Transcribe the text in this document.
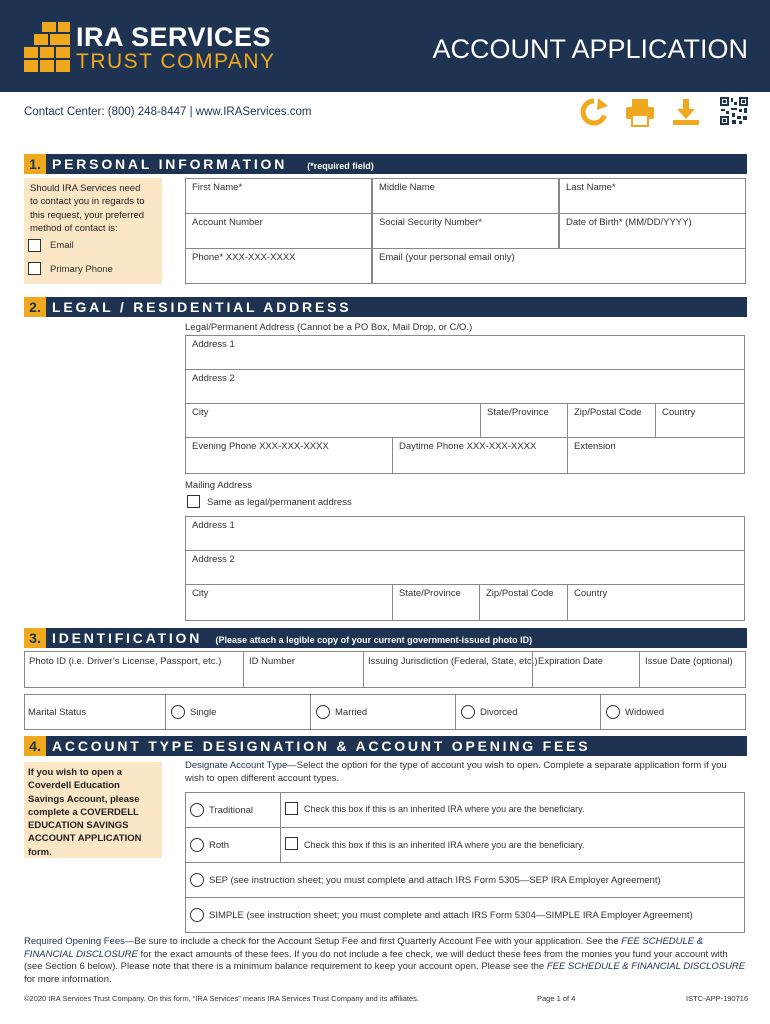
IRA SERVICES
TRUST COMPANY	ACCOUNT APPLICATION
Contact Center: (800) 248-8447 | www.IRAServices.com
1. PERSONAL INFORMATION (*required field)
Should IRA Services need to contact you in regards to this request, your preferred method of contact is:
Email
Primary Phone
First Name*	Middle Name	Last Name*
Account Number	Social Security Number*	Date of Birth* (MM/DD/YYYY)
Phone* XXX-XXX-XXXX	Email (your personal email only)
2. LEGAL / RESIDENTIAL ADDRESS
Legal/Permanent Address (Cannot be a PO Box, Mail Drop, or C/O.)
Address 1
Address 2
City	State/Province	Zip/Postal Code Country
Evening Phone XXX-XXX-XXXX	Daytime Phone XXX-XXX-XXXX	Extension
Mailing Address
Same as legal/permanent address
Address 1
Address 2
City	State/Province	Zip/Postal Code Country
3. IDENTIFICATION (Please attach a legible copy of your current government-issued photo ID)
Photo ID (i.e. Driver’s License, Passport, etc.)	ID Number	Issuing Jurisdiction (Federal, State, etc.) Expiration Date	Issue Date (optional)
Marital Status	Single	Married	Divorced	Widowed
4. ACCOUNT TYPE DESIGNATION & ACCOUNT OPENING FEES
If you wish to open a Coverdell Education Savings Account, please complete a COVERDELL EDUCATION SAVINGS ACCOUNT APPLICATION form.
Designate Account Type—Select the option for the type of account you wish to open. Complete a separate application form if you wish to open different account types.
Traditional	Check this box if this is an inherited IRA where you are the beneficiary.
Roth	Check this box if this is an inherited IRA where you are the beneficiary.
SEP (see instruction sheet; you must complete and attach IRS Form 5305—SEP IRA Employer Agreement)
SIMPLE (see instruction sheet; you must complete and attach IRS Form 5304—SIMPLE IRA Employer Agreement)
Required Opening Fees—Be sure to include a check for the Account Setup Fee and first Quarterly Account Fee with your application. See the FEE SCHEDULE & FINANCIAL DISCLOSURE for the exact amounts of these fees. If you do not include a fee check, we will deduct these fees from the monies you fund your account with (see Section 6 below). Please note that there is a minimum balance requirement to keep your account open. Please see the FEE SCHEDULE & FINANCIAL DISCLOSURE for more information.
©2020 IRA Services Trust Company. On this form, “IRA Services” means IRA Services Trust Company and its affiliates.	Page 1 of 4	ISTC-APP-190716
